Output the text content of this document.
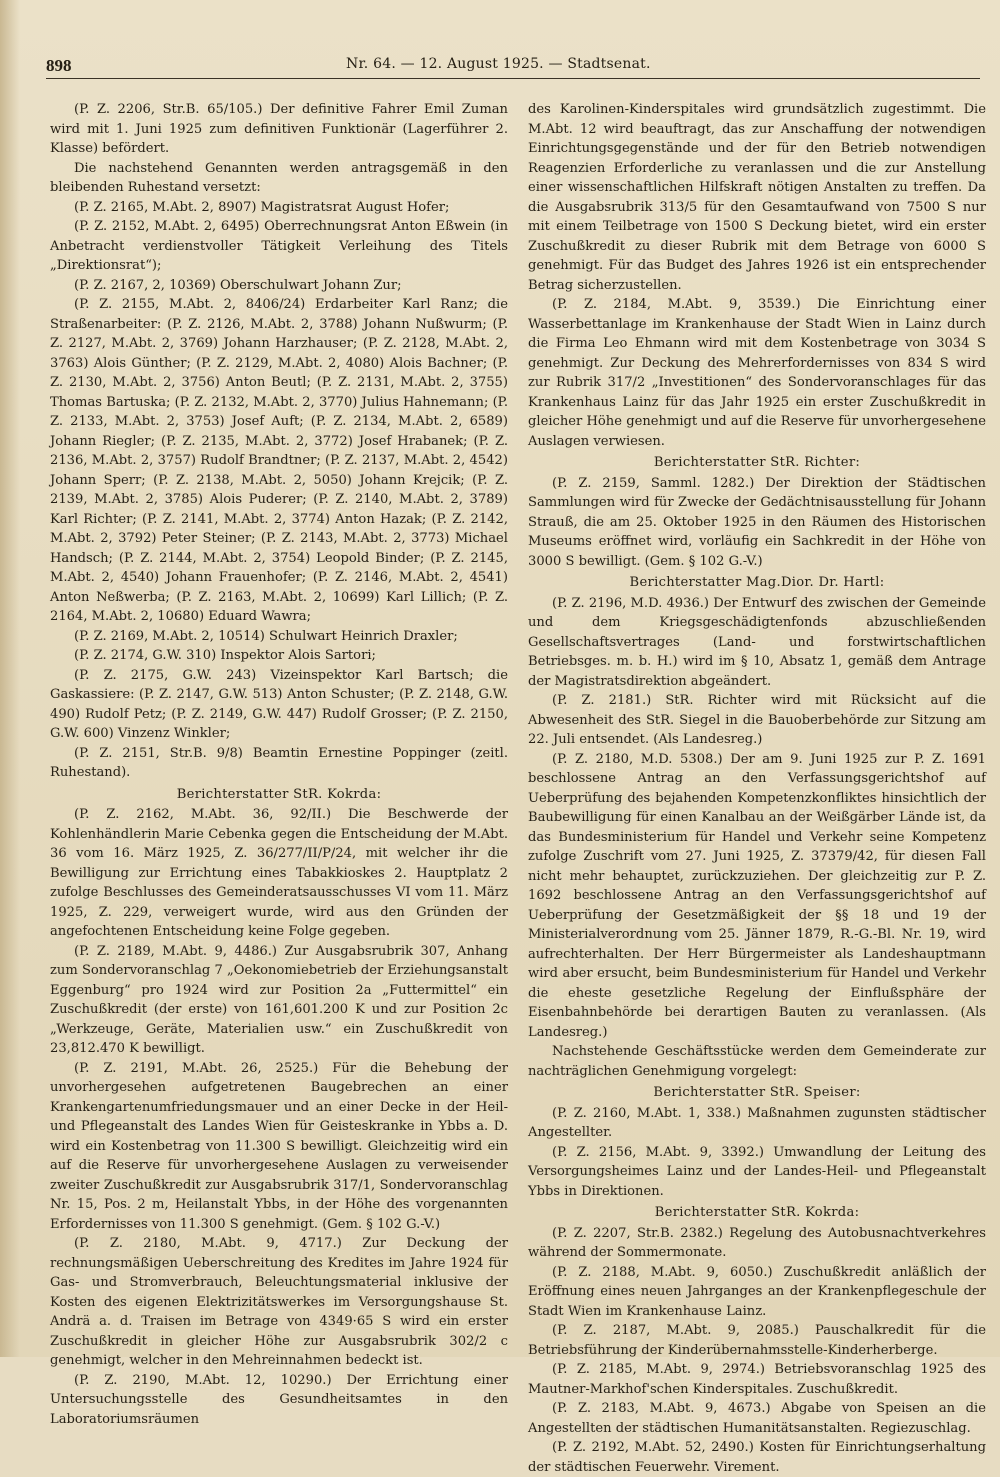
898	Nr. 64. — 12. August 1925. — Stadtsenat.

(P. Z. 2206, Str.B. 65/105.) Der definitive Fahrer Emil Zuman wird mit 1. Juni 1925 zum definitiven Funktionär (Lagerführer 2. Klasse) befördert.

Die nachstehend Genannten werden antragsgemäß in den bleibenden Ruhestand versetzt:

(P. Z. 2165, M.Abt. 2, 8907) Magistratsrat August Hofer;

(P. Z. 2152, M.Abt. 2, 6495) Oberrechnungsrat Anton Eßwein (in Anbetracht verdienstvoller Tätigkeit Verleihung des Titels „Direktionsrat“);

(P. Z. 2167, 2, 10369) Oberschulwart Johann Zur;

(P. Z. 2155, M.Abt. 2, 8406/24) Erdarbeiter Karl Ranz; die Straßenarbeiter: (P. Z. 2126, M.Abt. 2, 3788) Johann Nußwurm; (P. Z. 2127, M.Abt. 2, 3769) Johann Harzhauser; (P. Z. 2128, M.Abt. 2, 3763) Alois Günther; (P. Z. 2129, M.Abt. 2, 4080) Alois Bachner; (P. Z. 2130, M.Abt. 2, 3756) Anton Beutl; (P. Z. 2131, M.Abt. 2, 3755) Thomas Bartuska; (P. Z. 2132, M.Abt. 2, 3770) Julius Hahnemann; (P. Z. 2133, M.Abt. 2, 3753) Josef Auft; (P. Z. 2134, M.Abt. 2, 6589) Johann Riegler; (P. Z. 2135, M.Abt. 2, 3772) Josef Hrabanek; (P. Z. 2136, M.Abt. 2, 3757) Rudolf Brandtner; (P. Z. 2137, M.Abt. 2, 4542) Johann Sperr; (P. Z. 2138, M.Abt. 2, 5050) Johann Krejcik; (P. Z. 2139, M.Abt. 2, 3785) Alois Puderer; (P. Z. 2140, M.Abt. 2, 3789) Karl Richter; (P. Z. 2141, M.Abt. 2, 3774) Anton Hazak; (P. Z. 2142, M.Abt. 2, 3792) Peter Steiner; (P. Z. 2143, M.Abt. 2, 3773) Michael Handsch; (P. Z. 2144, M.Abt. 2, 3754) Leopold Binder; (P. Z. 2145, M.Abt. 2, 4540) Johann Frauenhofer; (P. Z. 2146, M.Abt. 2, 4541) Anton Neßwerba; (P. Z. 2163, M.Abt. 2, 10699) Karl Lillich; (P. Z. 2164, M.Abt. 2, 10680) Eduard Wawra;

(P. Z. 2169, M.Abt. 2, 10514) Schulwart Heinrich Draxler;

(P. Z. 2174, G.W. 310) Inspektor Alois Sartori;

(P. Z. 2175, G.W. 243) Vizeinspektor Karl Bartsch; die Gaskassiere: (P. Z. 2147, G.W. 513) Anton Schuster; (P. Z. 2148, G.W. 490) Rudolf Petz; (P. Z. 2149, G.W. 447) Rudolf Grosser; (P. Z. 2150, G.W. 600) Vinzenz Winkler;

(P. Z. 2151, Str.B. 9/8) Beamtin Ernestine Poppinger (zeitl. Ruhestand).

Berichterstatter StR. Kokrda:

(P. Z. 2162, M.Abt. 36, 92/II.) Die Beschwerde der Kohlenhändlerin Marie Cebenka gegen die Entscheidung der M.Abt. 36 vom 16. März 1925, Z. 36/277/II/P/24, mit welcher ihr die Bewilligung zur Errichtung eines Tabakkioskes 2. Hauptplatz 2 zufolge Beschlusses des Gemeinderatsausschusses VI vom 11. März 1925, Z. 229, verweigert wurde, wird aus den Gründen der angefochtenen Entscheidung keine Folge gegeben.

(P. Z. 2189, M.Abt. 9, 4486.) Zur Ausgabsrubrik 307, Anhang zum Sondervoranschlag 7 „Oekonomiebetrieb der Erziehungsanstalt Eggenburg“ pro 1924 wird zur Position 2a „Futtermittel“ ein Zuschußkredit (der erste) von 161,601.200 K und zur Position 2c „Werkzeuge, Geräte, Materialien usw.“ ein Zuschußkredit von 23,812.470 K bewilligt.

(P. Z. 2191, M.Abt. 26, 2525.) Für die Behebung der unvorhergesehen aufgetretenen Baugebrechen an einer Krankengartenumfriedungsmauer und an einer Decke in der Heil- und Pflegeanstalt des Landes Wien für Geisteskranke in Ybbs a. D. wird ein Kostenbetrag von 11.300 S bewilligt. Gleichzeitig wird ein auf die Reserve für unvorhergesehene Auslagen zu verweisender zweiter Zuschußkredit zur Ausgabsrubrik 317/1, Sondervoranschlag Nr. 15, Pos. 2 m, Heilanstalt Ybbs, in der Höhe des vorgenannten Erfordernisses von 11.300 S genehmigt. (Gem. § 102 G.-V.)

(P. Z. 2180, M.Abt. 9, 4717.) Zur Deckung der rechnungsmäßigen Ueberschreitung des Kredites im Jahre 1924 für Gas- und Stromverbrauch, Beleuchtungsmaterial inklusive der Kosten des eigenen Elektrizitätswerkes im Versorgungshause St. Andrä a. d. Traisen im Betrage von 4349·65 S wird ein erster Zuschußkredit in gleicher Höhe zur Ausgabsrubrik 302/2 c genehmigt, welcher in den Mehreinnahmen bedeckt ist.

(P. Z. 2190, M.Abt. 12, 10290.) Der Errichtung einer Untersuchungsstelle des Gesundheitsamtes in den Laboratoriumsräumen

des Karolinen-Kinderspitales wird grundsätzlich zugestimmt. Die M.Abt. 12 wird beauftragt, das zur Anschaffung der notwendigen Einrichtungsgegenstände und der für den Betrieb notwendigen Reagenzien Erforderliche zu veranlassen und die zur Anstellung einer wissenschaftlichen Hilfskraft nötigen Anstalten zu treffen. Da die Ausgabsrubrik 313/5 für den Gesamtaufwand von 7500 S nur mit einem Teilbetrage von 1500 S Deckung bietet, wird ein erster Zuschußkredit zu dieser Rubrik mit dem Betrage von 6000 S genehmigt. Für das Budget des Jahres 1926 ist ein entsprechender Betrag sicherzustellen.

(P. Z. 2184, M.Abt. 9, 3539.) Die Einrichtung einer Wasserbettanlage im Krankenhause der Stadt Wien in Lainz durch die Firma Leo Ehmann wird mit dem Kostenbetrage von 3034 S genehmigt. Zur Deckung des Mehrerfordernisses von 834 S wird zur Rubrik 317/2 „Investitionen“ des Sondervoranschlages für das Krankenhaus Lainz für das Jahr 1925 ein erster Zuschußkredit in gleicher Höhe genehmigt und auf die Reserve für unvorhergesehene Auslagen verwiesen.

Berichterstatter StR. Richter:

(P. Z. 2159, Samml. 1282.) Der Direktion der Städtischen Sammlungen wird für Zwecke der Gedächtnisausstellung für Johann Strauß, die am 25. Oktober 1925 in den Räumen des Historischen Museums eröffnet wird, vorläufig ein Sachkredit in der Höhe von 3000 S bewilligt. (Gem. § 102 G.-V.)

Berichterstatter Mag.Dior. Dr. Hartl:

(P. Z. 2196, M.D. 4936.) Der Entwurf des zwischen der Gemeinde und dem Kriegsgeschädigtenfonds abzuschließenden Gesellschaftsvertrages (Land- und forstwirtschaftlichen Betriebsges. m. b. H.) wird im § 10, Absatz 1, gemäß dem Antrage der Magistratsdirektion abgeändert.

(P. Z. 2181.) StR. Richter wird mit Rücksicht auf die Abwesenheit des StR. Siegel in die Bauoberbehörde zur Sitzung am 22. Juli entsendet. (Als Landesreg.)

(P. Z. 2180, M.D. 5308.) Der am 9. Juni 1925 zur P. Z. 1691 beschlossene Antrag an den Verfassungsgerichtshof auf Ueberprüfung des bejahenden Kompetenzkonfliktes hinsichtlich der Baubewilligung für einen Kanalbau an der Weißgärber Lände ist, da das Bundesministerium für Handel und Verkehr seine Kompetenz zufolge Zuschrift vom 27. Juni 1925, Z. 37379/42, für diesen Fall nicht mehr behauptet, zurückzuziehen. Der gleichzeitig zur P. Z. 1692 beschlossene Antrag an den Verfassungsgerichtshof auf Ueberprüfung der Gesetzmäßigkeit der §§ 18 und 19 der Ministerialverordnung vom 25. Jänner 1879, R.-G.-Bl. Nr. 19, wird aufrechterhalten. Der Herr Bürgermeister als Landeshauptmann wird aber ersucht, beim Bundesministerium für Handel und Verkehr die eheste gesetzliche Regelung der Einflußsphäre der Eisenbahnbehörde bei derartigen Bauten zu veranlassen. (Als Landesreg.)

Nachstehende Geschäftsstücke werden dem Gemeinderate zur nachträglichen Genehmigung vorgelegt:

Berichterstatter StR. Speiser:

(P. Z. 2160, M.Abt. 1, 338.) Maßnahmen zugunsten städtischer Angestellter.

(P. Z. 2156, M.Abt. 9, 3392.) Umwandlung der Leitung des Versorgungsheimes Lainz und der Landes-Heil- und Pflegeanstalt Ybbs in Direktionen.

Berichterstatter StR. Kokrda:

(P. Z. 2207, Str.B. 2382.) Regelung des Autobusnachtverkehres während der Sommermonate.

(P. Z. 2188, M.Abt. 9, 6050.) Zuschußkredit anläßlich der Eröffnung eines neuen Jahrganges an der Krankenpflegeschule der Stadt Wien im Krankenhause Lainz.

(P. Z. 2187, M.Abt. 9, 2085.) Pauschalkredit für die Betriebsführung der Kinderübernahmsstelle-Kinderherberge.

(P. Z. 2185, M.Abt. 9, 2974.) Betriebsvoranschlag 1925 des Mautner-Markhof'schen Kinderspitales. Zuschußkredit.

(P. Z. 2183, M.Abt. 9, 4673.) Abgabe von Speisen an die Angestellten der städtischen Humanitätsanstalten. Regiezuschlag.

(P. Z. 2192, M.Abt. 52, 2490.) Kosten für Einrichtungserhaltung der städtischen Feuerwehr. Virement.
